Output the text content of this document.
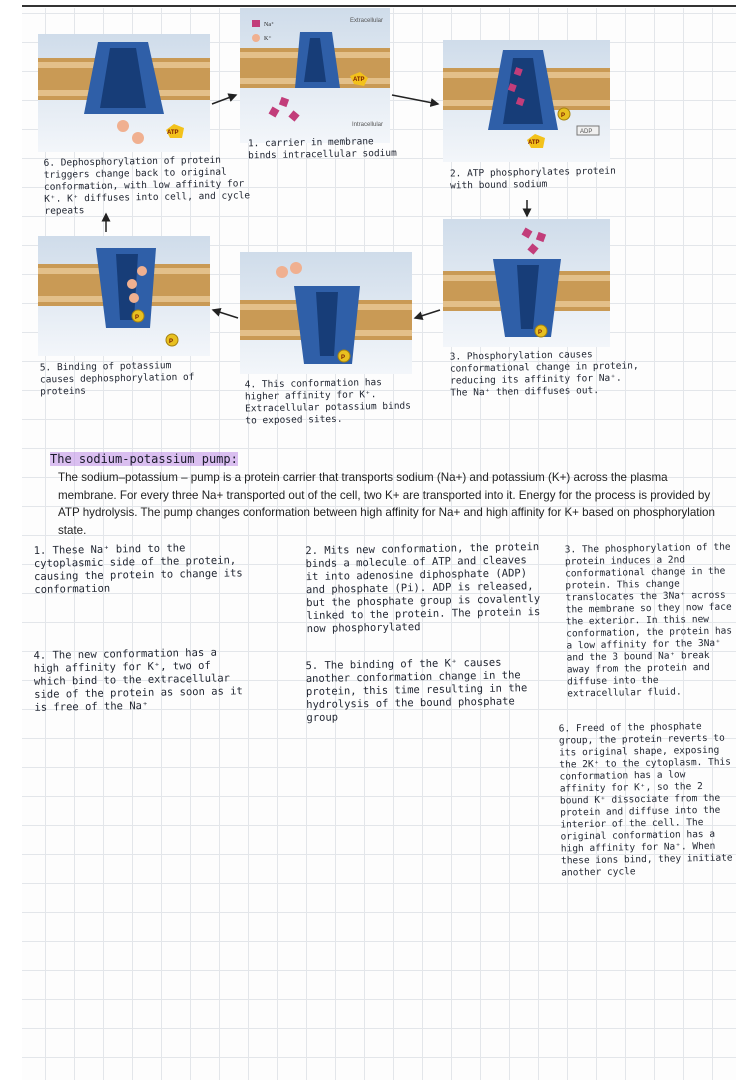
Na⁺
K⁺
Extracellular
Intracellular
ATP
P
ADP
ATP
ATP
P
P
P
P
1. carrier in membrane binds intracellular sodium
2. ATP phosphorylates protein with bound sodium
6. Dephosphorylation of protein triggers change back to original conformation, with low affinity for K⁺. K⁺ diffuses into cell, and cycle repeats
5. Binding of potassium causes dephosphorylation of proteins
4. This conformation has higher affinity for K⁺. Extracellular potassium binds to exposed sites.
3. Phosphorylation causes conformational change in protein, reducing its affinity for Na⁺. The Na⁺ then diffuses out.
The sodium-potassium pump:
The sodium–potassium – pump is a protein carrier that transports sodium (Na+) and potassium (K+) across the plasma membrane. For every three Na+ transported out of the cell, two K+ are transported into it. Energy for the process is provided by ATP hydrolysis. The pump changes conformation between high affinity for Na+ and high affinity for K+ based on phosphorylation state.
1. These Na⁺ bind to the cytoplasmic side of the protein, causing the protein to change its conformation
2. Mits new conformation, the protein binds a molecule of ATP and cleaves it into adenosine diphosphate (ADP) and phosphate (Pi). ADP is released, but the phosphate group is covalently linked to the protein. The protein is now phosphorylated
3. The phosphorylation of the protein induces a 2nd conformational change in the protein. This change translocates the 3Na⁺ across the membrane so they now face the exterior. In this new conformation, the protein has a low affinity for the 3Na⁺ and the 3 bound Na⁺ break away from the protein and diffuse into the extracellular fluid.
4. The new conformation has a high affinity for K⁺, two of which bind to the extracellular side of the protein as soon as it is free of the Na⁺
5. The binding of the K⁺ causes another conformation change in the protein, this time resulting in the hydrolysis of the bound phosphate group
6. Freed of the phosphate group, the protein reverts to its original shape, exposing the 2K⁺ to the cytoplasm. This conformation has a low affinity for K⁺, so the 2 bound K⁺ dissociate from the protein and diffuse into the interior of the cell. The original conformation has a high affinity for Na⁺. When these ions bind, they initiate another cycle
